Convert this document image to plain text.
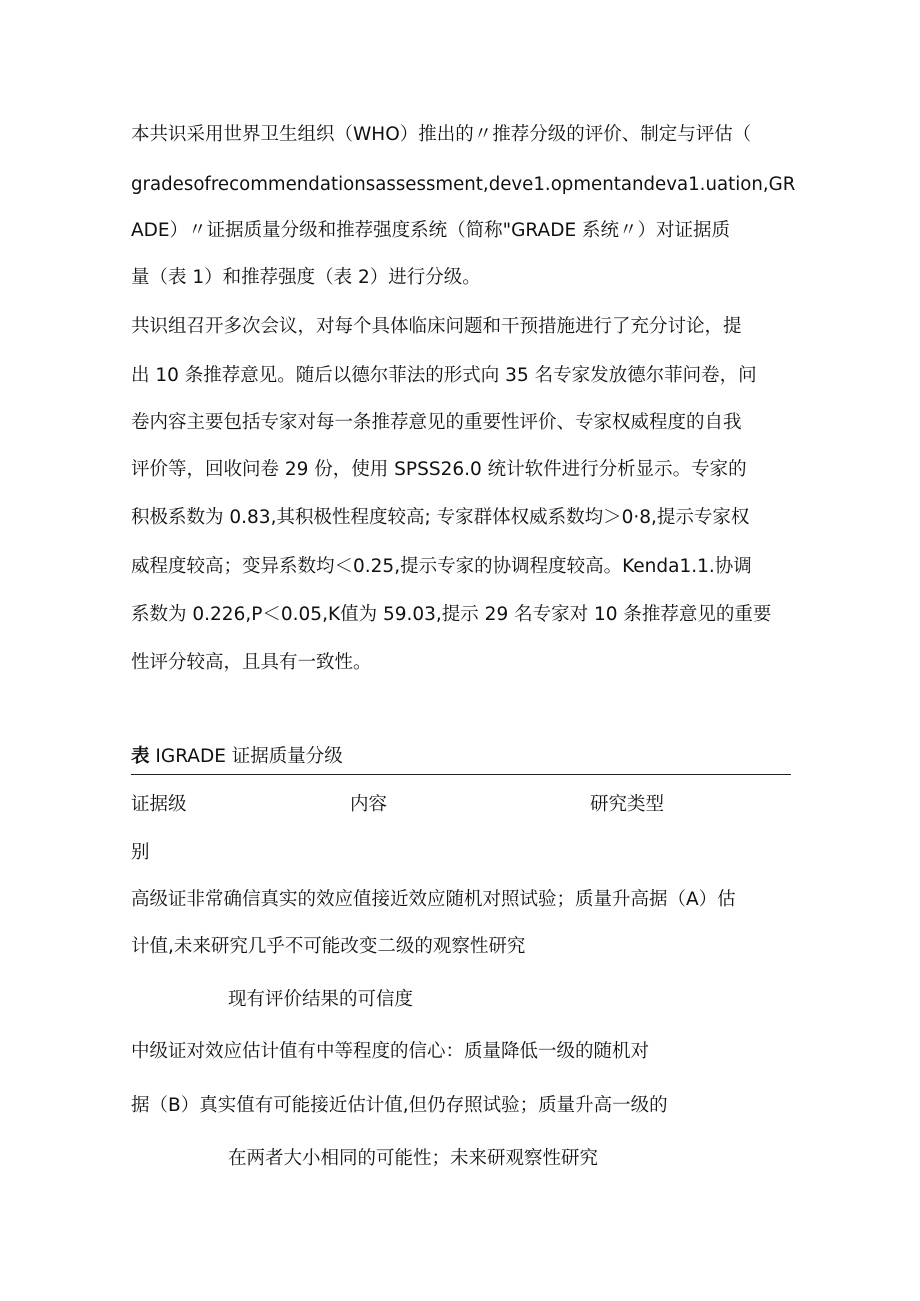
本共识采用世界卫生组织（WHO）推出的〃推荐分级的评价、制定与评估（
gradesofrecommendationsassessment,deve1.opmentandeva1.uation,GR
ADE）〃证据质量分级和推荐强度系统（简称"GRADE 系统〃）对证据质
量（表 1）和推荐强度（表 2）进行分级。
共识组召开多次会议，对每个具体临床问题和干预措施进行了充分讨论，提
出 10 条推荐意见。随后以德尔菲法的形式向 35 名专家发放德尔菲问卷，问
卷内容主要包括专家对每一条推荐意见的重要性评价、专家权威程度的自我
评价等，回收问卷 29 份，使用 SPSS26.0 统计软件进行分析显示。专家的
积极系数为 0.83,其积极性程度较高; 专家群体权威系数均＞0·8,提示专家权
威程度较高；变异系数均＜0.25,提示专家的协调程度较高。Kenda1.1.协调
系数为 0.226,P＜0.05,K值为 59.03,提示 29 名专家对 10 条推荐意见的重要
性评分较高，且具有一致性。
表 IGRADE 证据质量分级
证据级	内容	研究类型
别
高级证非常确信真实的效应值接近效应随机对照试验；质量升高据（A）估
计值,未来研究几乎不可能改变二级的观察性研究
现有评价结果的可信度
中级证对效应估计值有中等程度的信心：质量降低一级的随机对
据（B）真实值有可能接近估计值,但仍存照试验；质量升高一级的
在两者大小相同的可能性；未来研观察性研究
